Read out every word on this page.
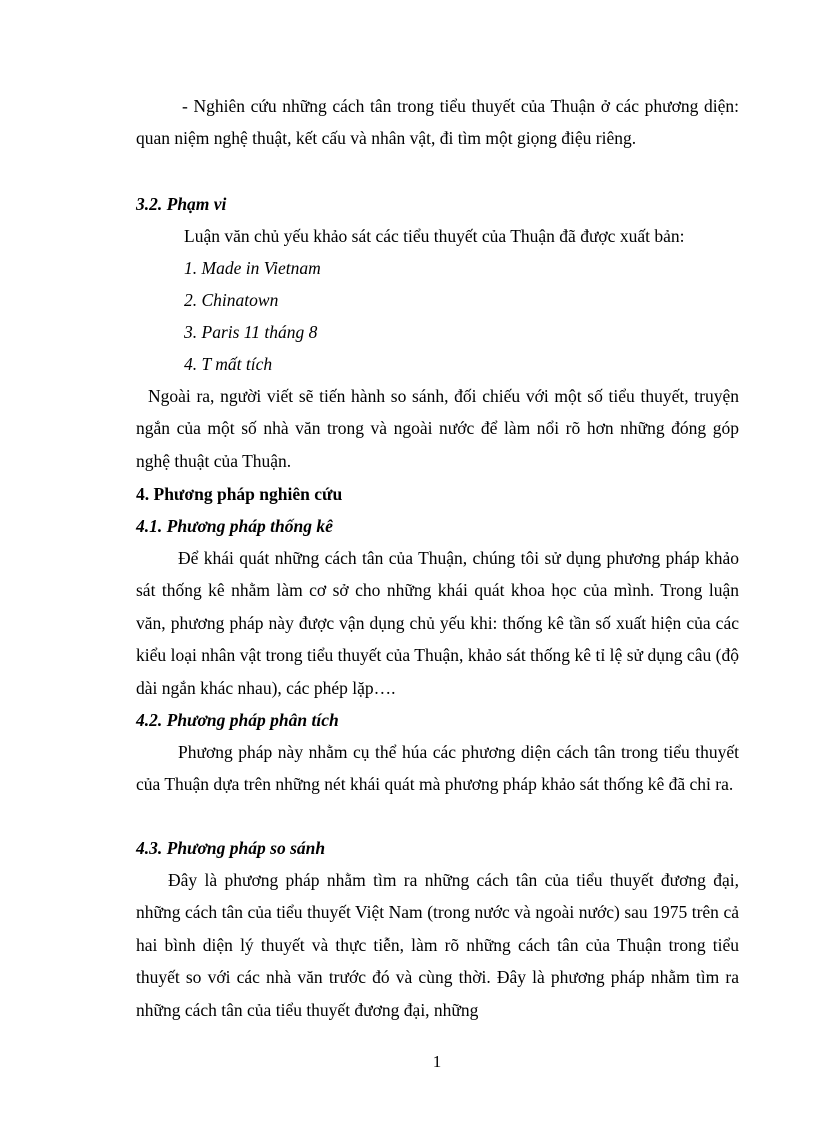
- Nghiên cứu những cách tân trong tiểu thuyết của Thuận ở các phương diện: quan niệm nghệ thuật, kết cấu và nhân vật, đi tìm một giọng điệu riêng.

3.2. Phạm vi

Luận văn chủ yếu khảo sát các tiểu thuyết của Thuận đã được xuất bản:

1. Made in Vietnam

2. Chinatown

3. Paris 11 tháng 8

4. T mất tích

Ngoài ra, người viết sẽ tiến hành so sánh, đối chiếu với một số tiểu thuyết, truyện ngắn của một số nhà văn trong và ngoài nước để làm nổi rõ hơn những đóng góp nghệ thuật của Thuận.

4. Phương pháp nghiên cứu

4.1. Phương pháp thống kê

Để khái quát những cách tân của Thuận, chúng tôi sử dụng phương pháp khảo sát thống kê nhằm làm cơ sở cho những khái quát khoa học của mình. Trong luận văn, phương pháp này được vận dụng chủ yếu khi: thống kê tần số xuất hiện của các kiểu loại nhân vật trong tiểu thuyết của Thuận, khảo sát thống kê tỉ lệ sử dụng câu (độ dài ngắn khác nhau), các phép lặp….

4.2. Phương pháp phân tích

Phương pháp này nhằm cụ thể húa các phương diện cách tân trong tiểu thuyết của Thuận dựa trên những nét khái quát mà phương pháp khảo sát thống kê đã chỉ ra.

4.3. Phương pháp so sánh

Đây là phương pháp nhằm tìm ra những cách tân của tiểu thuyết đương đại, những cách tân của tiểu thuyết Việt Nam (trong nước và ngoài nước) sau 1975 trên cả hai bình diện lý thuyết và thực tiễn, làm rõ những cách tân của Thuận trong tiểu thuyết so với các nhà văn trước đó và cùng thời. Đây là phương pháp nhằm tìm ra những cách tân của tiểu thuyết đương đại, những

1
